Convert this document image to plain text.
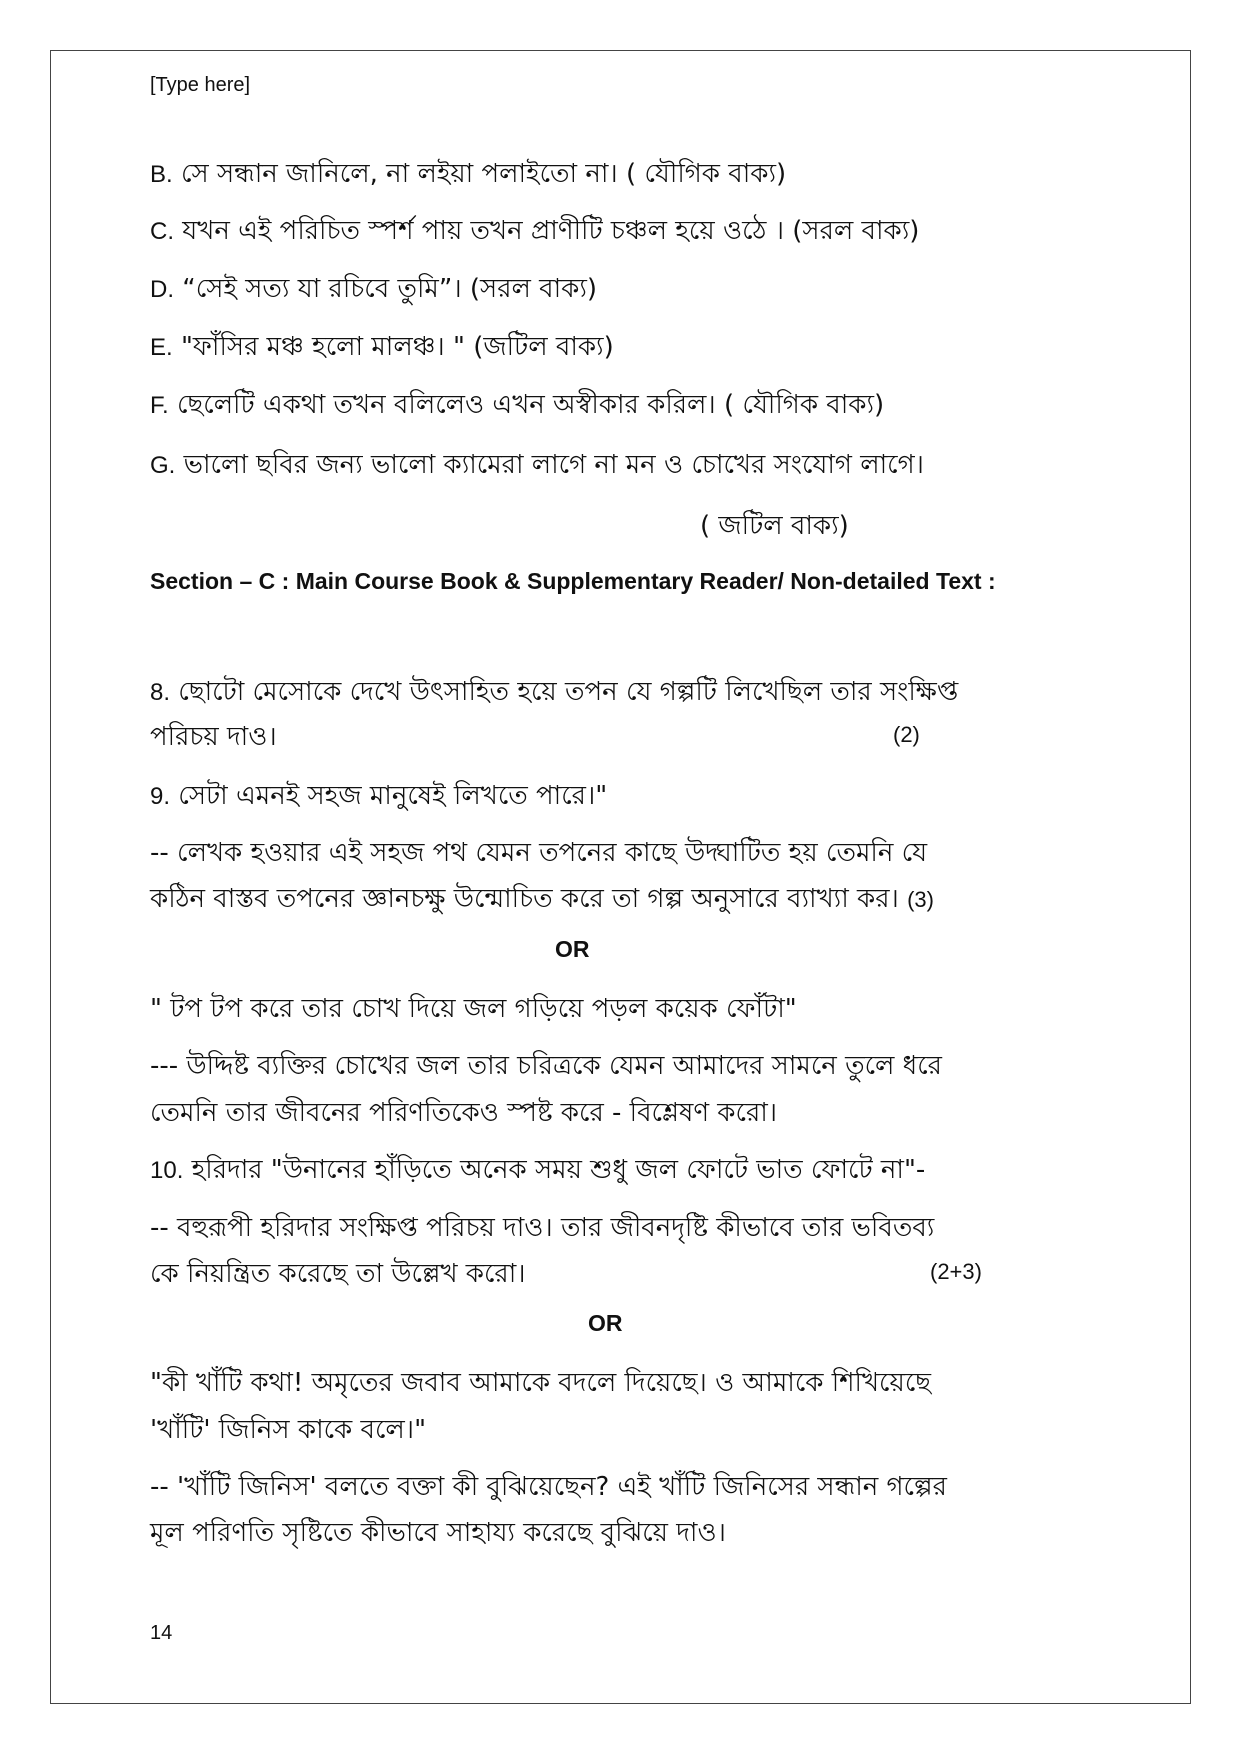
[Type here]
B. সে সন্ধান জানিলে, না লইয়া পলাইতো না। ( যৌগিক বাক্য)
C. যখন এই পরিচিত স্পর্শ পায় তখন প্রাণীটি চঞ্চল হয়ে ওঠে । (সরল বাক্য)
D. “সেই সত্য যা রচিবে তুমি”। (সরল বাক্য)
E. "ফাঁসির মঞ্চ হলো মালঞ্চ। " (জটিল বাক্য)
F. ছেলেটি একথা তখন বলিলেও এখন অস্বীকার করিল। ( যৌগিক বাক্য)
G. ভালো ছবির জন্য ভালো ক্যামেরা লাগে না মন ও চোখের সংযোগ লাগে।
( জটিল বাক্য)
Section – C : Main Course Book & Supplementary Reader/ Non-detailed Text :
8. ছোটো মেসোকে দেখে উৎসাহিত হয়ে তপন যে গল্পটি লিখেছিল তার সংক্ষিপ্ত
পরিচয় দাও।	(2)
9. সেটা এমনই সহজ মানুষেই লিখতে পারে।"
-- লেখক হওয়ার এই সহজ পথ যেমন তপনের কাছে উদ্ঘাটিত হয় তেমনি যে
কঠিন বাস্তব তপনের জ্ঞানচক্ষু উন্মোচিত করে তা গল্প অনুসারে ব্যাখ্যা কর। (3)
OR
" টপ টপ করে তার চোখ দিয়ে জল গড়িয়ে পড়ল কয়েক ফোঁটা"
--- উদ্দিষ্ট ব্যক্তির চোখের জল তার চরিত্রকে যেমন আমাদের সামনে তুলে ধরে
তেমনি তার জীবনের পরিণতিকেও স্পষ্ট করে - বিশ্লেষণ করো।
10. হরিদার "উনানের হাঁড়িতে অনেক সময় শুধু জল ফোটে ভাত ফোটে না"-
-- বহুরূপী হরিদার সংক্ষিপ্ত পরিচয় দাও। তার জীবনদৃষ্টি কীভাবে তার ভবিতব্য
কে নিয়ন্ত্রিত করেছে তা উল্লেখ করো।	(2+3)
OR
"কী খাঁটি কথা! অমৃতের জবাব আমাকে বদলে দিয়েছে। ও আমাকে শিখিয়েছে
'খাঁটি' জিনিস কাকে বলে।"
-- 'খাঁটি জিনিস' বলতে বক্তা কী বুঝিয়েছেন? এই খাঁটি জিনিসের সন্ধান গল্পের
মূল পরিণতি সৃষ্টিতে কীভাবে সাহায্য করেছে বুঝিয়ে দাও।
14
